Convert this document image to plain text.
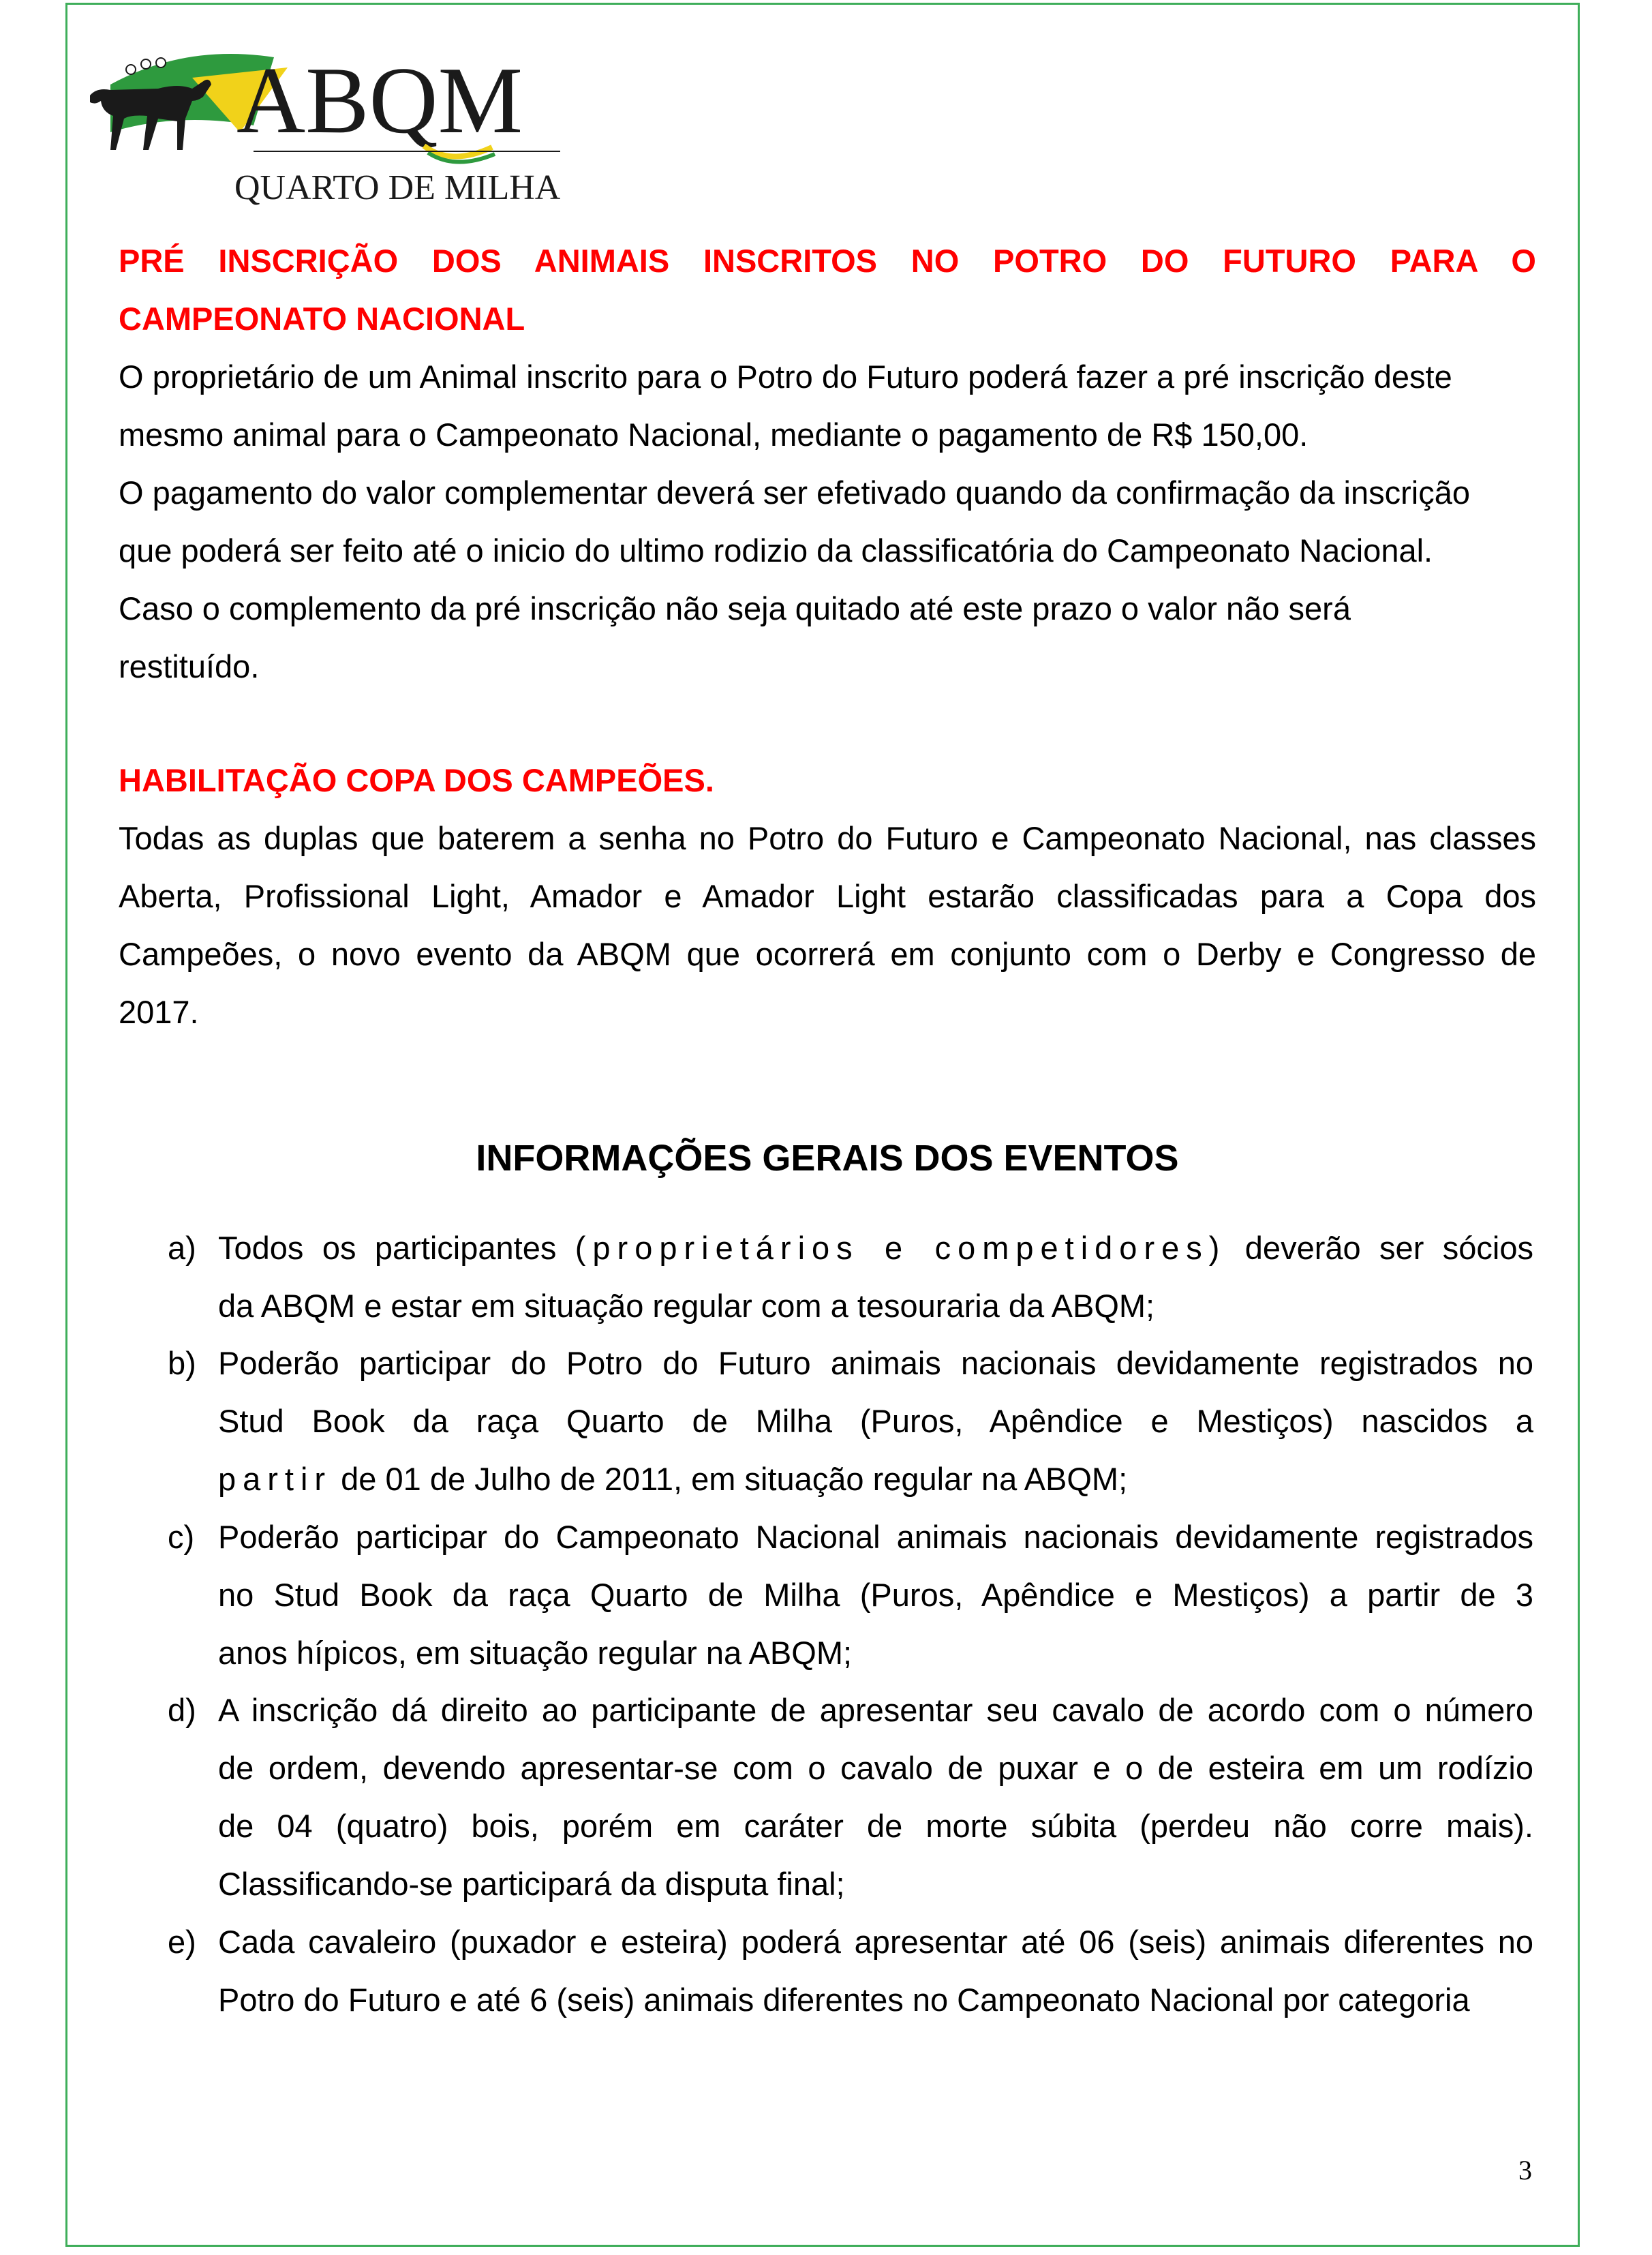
ABQM
QUARTO DE MILHA
PRÉ INSCRIÇÃO DOS ANIMAIS INSCRITOS NO POTRO DO FUTURO PARA O
CAMPEONATO NACIONAL
O proprietário de um Animal inscrito para o Potro do Futuro poderá fazer a pré inscrição deste
mesmo animal para o Campeonato Nacional, mediante o pagamento de R$ 150,00.
O pagamento do valor complementar deverá ser efetivado quando da confirmação da inscrição
que poderá ser feito até o inicio do ultimo rodizio da classificatória do Campeonato Nacional.
Caso o complemento da pré inscrição não seja quitado até este prazo o valor não será
restituído.
HABILITAÇÃO COPA DOS CAMPEÕES.
Todas as duplas que baterem a senha no Potro do Futuro e Campeonato Nacional, nas classes
Aberta, Profissional Light, Amador e Amador Light estarão classificadas para a Copa dos
Campeões, o novo evento da ABQM que ocorrerá em conjunto com o Derby e Congresso de
2017.
INFORMAÇÕES GERAIS DOS EVENTOS
a) Todos os participantes (proprietários e competidores) deverão ser sócios
da ABQM e estar em situação regular com a tesouraria da ABQM;
b) Poderão participar do Potro do Futuro animais nacionais devidamente registrados no
Stud Book da raça Quarto de Milha (Puros, Apêndice e Mestiços) nascidos a
partir de 01 de Julho de 2011, em situação regular na ABQM;
c) Poderão participar do Campeonato Nacional animais nacionais devidamente registrados
no Stud Book da raça Quarto de Milha (Puros, Apêndice e Mestiços) a partir de 3
anos hípicos, em situação regular na ABQM;
d) A inscrição dá direito ao participante de apresentar seu cavalo de acordo com o número
de ordem, devendo apresentar-se com o cavalo de puxar e o de esteira em um rodízio
de 04 (quatro) bois, porém em caráter de morte súbita (perdeu não corre mais).
Classificando-se participará da disputa final;
e) Cada cavaleiro (puxador e esteira) poderá apresentar até 06 (seis) animais diferentes no
Potro do Futuro e até 6 (seis) animais diferentes no Campeonato Nacional por categoria
3
